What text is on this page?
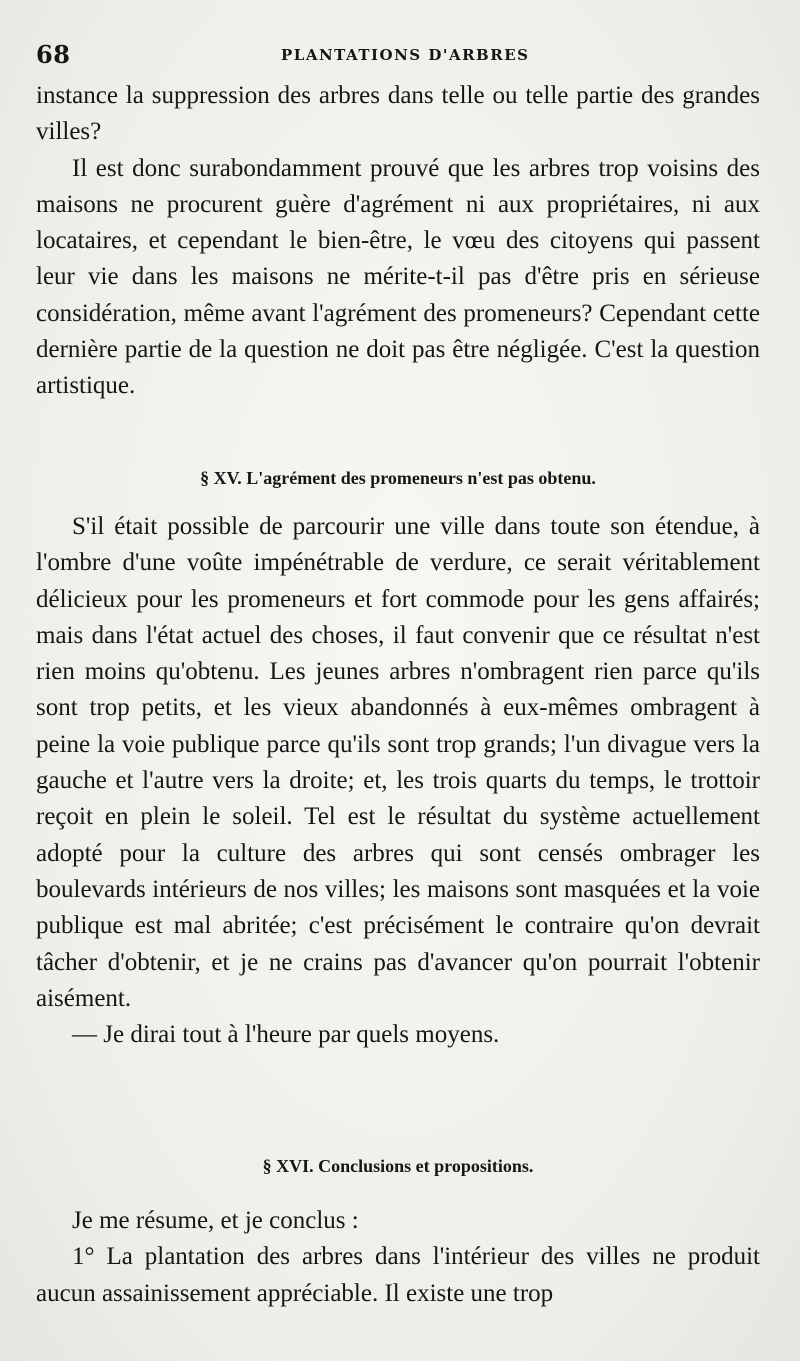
68	PLANTATIONS D'ARBRES

instance la suppression des arbres dans telle ou telle partie des grandes villes?

Il est donc surabondamment prouvé que les arbres trop voisins des maisons ne procurent guère d'agrément ni aux propriétaires, ni aux locataires, et cependant le bien-être, le vœu des citoyens qui passent leur vie dans les maisons ne mérite-t-il pas d'être pris en sérieuse considération, même avant l'agrément des promeneurs? Cependant cette dernière partie de la question ne doit pas être négligée. C'est la question artistique.

§ XV. L'agrément des promeneurs n'est pas obtenu.

S'il était possible de parcourir une ville dans toute son étendue, à l'ombre d'une voûte impénétrable de verdure, ce serait véritablement délicieux pour les promeneurs et fort commode pour les gens affairés; mais dans l'état actuel des choses, il faut convenir que ce résultat n'est rien moins qu'obtenu. Les jeunes arbres n'ombragent rien parce qu'ils sont trop petits, et les vieux abandonnés à eux-mêmes ombragent à peine la voie publique parce qu'ils sont trop grands; l'un divague vers la gauche et l'autre vers la droite; et, les trois quarts du temps, le trottoir reçoit en plein le soleil. Tel est le résultat du système actuellement adopté pour la culture des arbres qui sont censés ombrager les boulevards intérieurs de nos villes; les maisons sont masquées et la voie publique est mal abritée; c'est précisément le contraire qu'on devrait tâcher d'obtenir, et je ne crains pas d'avancer qu'on pourrait l'obtenir aisément.

— Je dirai tout à l'heure par quels moyens.

§ XVI. Conclusions et propositions.

Je me résume, et je conclus :

1° La plantation des arbres dans l'intérieur des villes ne produit aucun assainissement appréciable. Il existe une trop
